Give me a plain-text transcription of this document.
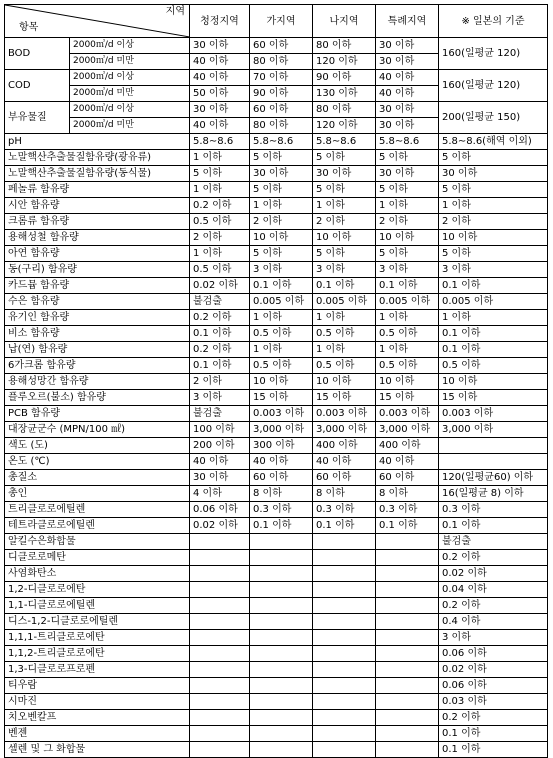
지역
항목		청정지역	가지역	나지역	특례지역	※ 일본의 기준
BOD	2000㎥/d 이상	30 이하	60 이하	80 이하	30 이하	160(일평균 120)
	2000㎥/d 미만	40 이하	80 이하	120 이하	30 이하	
COD	2000㎥/d 이상	40 이하	70 이하	90 이하	40 이하	160(일평균 120)
	2000㎥/d 미만	50 이하	90 이하	130 이하	40 이하	
부유물질	2000㎥/d 이상	30 이하	60 이하	80 이하	30 이하	200(일평균 150)
	2000㎥/d 미만	40 이하	80 이하	120 이하	30 이하	
pH		5.8∼8.6	5.8∼8.6	5.8∼8.6	5.8∼8.6	5.8∼8.6(해역 이외)
노말핵산추출물질함유량(광유류)		1 이하	5 이하	5 이하	5 이하	5 이하
노말핵산추출물질함유량(동식물)		5 이하	30 이하	30 이하	30 이하	30 이하
페놀류 함유량		1 이하	5 이하	5 이하	5 이하	5 이하
시안 함유량		0.2 이하	1 이하	1 이하	1 이하	1 이하
크롬류 함유량		0.5 이하	2 이하	2 이하	2 이하	2 이하
용해성철 함유량		2 이하	10 이하	10 이하	10 이하	10 이하
아연 함유량		1 이하	5 이하	5 이하	5 이하	5 이하
동(구리) 함유량		0.5 이하	3 이하	3 이하	3 이하	3 이하
카드뮴 함유량		0.02 이하	0.1 이하	0.1 이하	0.1 이하	0.1 이하
수은 함유량		불검출	0.005 이하	0.005 이하	0.005 이하	0.005 이하
유기인 함유량		0.2 이하	1 이하	1 이하	1 이하	1 이하
비소 함유량		0.1 이하	0.5 이하	0.5 이하	0.5 이하	0.1 이하
납(연) 함유량		0.2 이하	1 이하	1 이하	1 이하	0.1 이하
6가크롬 함유량		0.1 이하	0.5 이하	0.5 이하	0.5 이하	0.5 이하
용해성망간 함유량		2 이하	10 이하	10 이하	10 이하	10 이하
플루오르(불소) 함유량		3 이하	15 이하	15 이하	15 이하	15 이하
PCB 함유량		불검출	0.003 이하	0.003 이하	0.003 이하	0.003 이하
대장균군수 (MPN/100 ㎖)		100 이하	3,000 이하	3,000 이하	3,000 이하	3,000 이하
색도 (도)		200 이하	300 이하	400 이하	400 이하	
온도 (℃)		40 이하	40 이하	40 이하	40 이하	
총질소		30 이하	60 이하	60 이하	60 이하	120(일평균60) 이하
총인		4 이하	8 이하	8 이하	8 이하	16(일평균 8) 이하
트리클로로에틸렌		0.06 이하	0.3 이하	0.3 이하	0.3 이하	0.3 이하
테트라클로로에틸렌		0.02 이하	0.1 이하	0.1 이하	0.1 이하	0.1 이하
알킬수은화합물						불검출
디클로로메탄						0.2 이하
사염화탄소						0.02 이하
1,2-디클로로에탄						0.04 이하
1,1-디클로로에틸렌						0.2 이하
디스-1,2-디클로로에틸렌						0.4 이하
1,1,1-트리클로로에탄						3 이하
1,1,2-트리클로로에탄						0.06 이하
1,3-디클로로프로펜						0.02 이하
티우람						0.06 이하
시마진						0.03 이하
치오벤칼프						0.2 이하
벤젠						0.1 이하
셀렌 및 그 화합물						0.1 이하
